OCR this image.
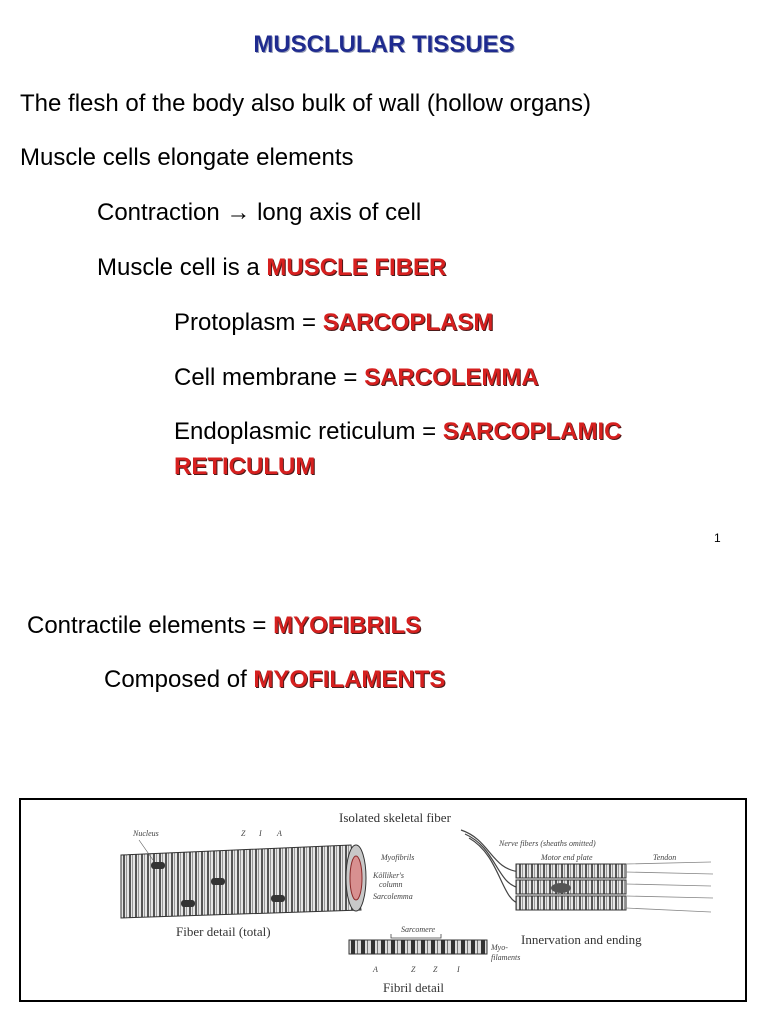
MUSCLULAR TISSUES
The flesh of the body also bulk of wall (hollow organs)
Muscle cells elongate elements
Contraction → long axis of cell
Muscle cell is a MUSCLE FIBER
Protoplasm = SARCOPLASM
Cell membrane = SARCOLEMMA
Endoplasmic reticulum = SARCOPLAMIC
RETICULUM
1
Contractile elements = MYOFIBRILS
Composed of MYOFILAMENTS
Isolated skeletal fiber
Fiber detail (total)
Innervation and ending
Fibril detail
Nucleus	Z I A
Myofibrils
Kölliker's
column
Sarcolemma
Nerve fibers (sheaths omitted)
Motor end plate	Tendon
Sarcomere
Myo-
filaments
A	Z Z I
